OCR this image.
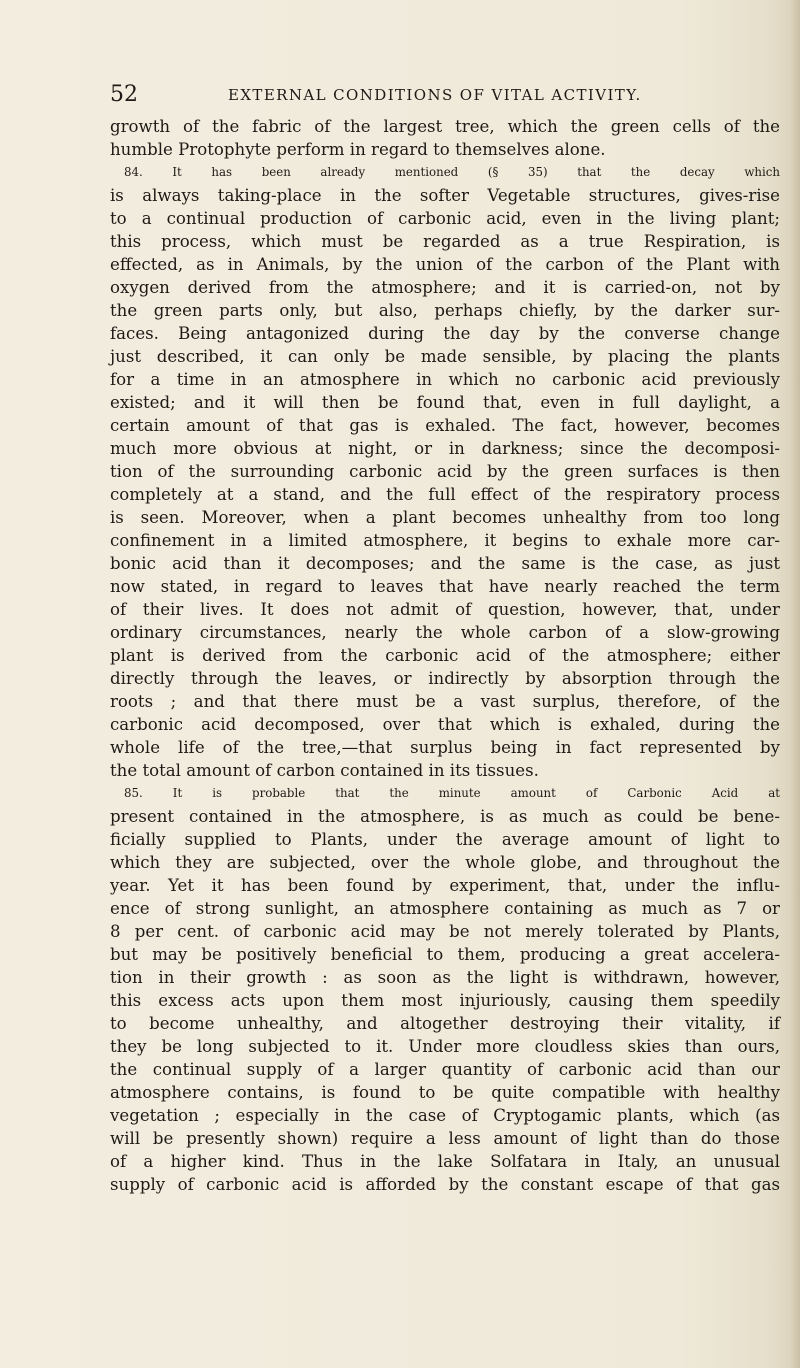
52	EXTERNAL CONDITIONS OF VITAL ACTIVITY.
growth of the fabric of the largest tree, which the green cells of the
humble Protophyte perform in regard to themselves alone.
84. It has been already mentioned (§ 35) that the decay which
is always taking-place in the softer Vegetable structures, gives-rise
to a continual production of carbonic acid, even in the living plant;
this process, which must be regarded as a true Respiration, is
effected, as in Animals, by the union of the carbon of the Plant with
oxygen derived from the atmosphere; and it is carried-on, not by
the green parts only, but also, perhaps chiefly, by the darker sur-
faces. Being antagonized during the day by the converse change
just described, it can only be made sensible, by placing the plants
for a time in an atmosphere in which no carbonic acid previously
existed; and it will then be found that, even in full daylight, a
certain amount of that gas is exhaled. The fact, however, becomes
much more obvious at night, or in darkness; since the decomposi-
tion of the surrounding carbonic acid by the green surfaces is then
completely at a stand, and the full effect of the respiratory process
is seen. Moreover, when a plant becomes unhealthy from too long
confinement in a limited atmosphere, it begins to exhale more car-
bonic acid than it decomposes; and the same is the case, as just
now stated, in regard to leaves that have nearly reached the term
of their lives. It does not admit of question, however, that, under
ordinary circumstances, nearly the whole carbon of a slow-growing
plant is derived from the carbonic acid of the atmosphere; either
directly through the leaves, or indirectly by absorption through the
roots ; and that there must be a vast surplus, therefore, of the
carbonic acid decomposed, over that which is exhaled, during the
whole life of the tree,—that surplus being in fact represented by
the total amount of carbon contained in its tissues.
85. It is probable that the minute amount of Carbonic Acid at
present contained in the atmosphere, is as much as could be bene-
ficially supplied to Plants, under the average amount of light to
which they are subjected, over the whole globe, and throughout the
year. Yet it has been found by experiment, that, under the influ-
ence of strong sunlight, an atmosphere containing as much as 7 or
8 per cent. of carbonic acid may be not merely tolerated by Plants,
but may be positively beneficial to them, producing a great accelera-
tion in their growth : as soon as the light is withdrawn, however,
this excess acts upon them most injuriously, causing them speedily
to become unhealthy, and altogether destroying their vitality, if
they be long subjected to it. Under more cloudless skies than ours,
the continual supply of a larger quantity of carbonic acid than our
atmosphere contains, is found to be quite compatible with healthy
vegetation ; especially in the case of Cryptogamic plants, which (as
will be presently shown) require a less amount of light than do those
of a higher kind. Thus in the lake Solfatara in Italy, an unusual
supply of carbonic acid is afforded by the constant escape of that gas
